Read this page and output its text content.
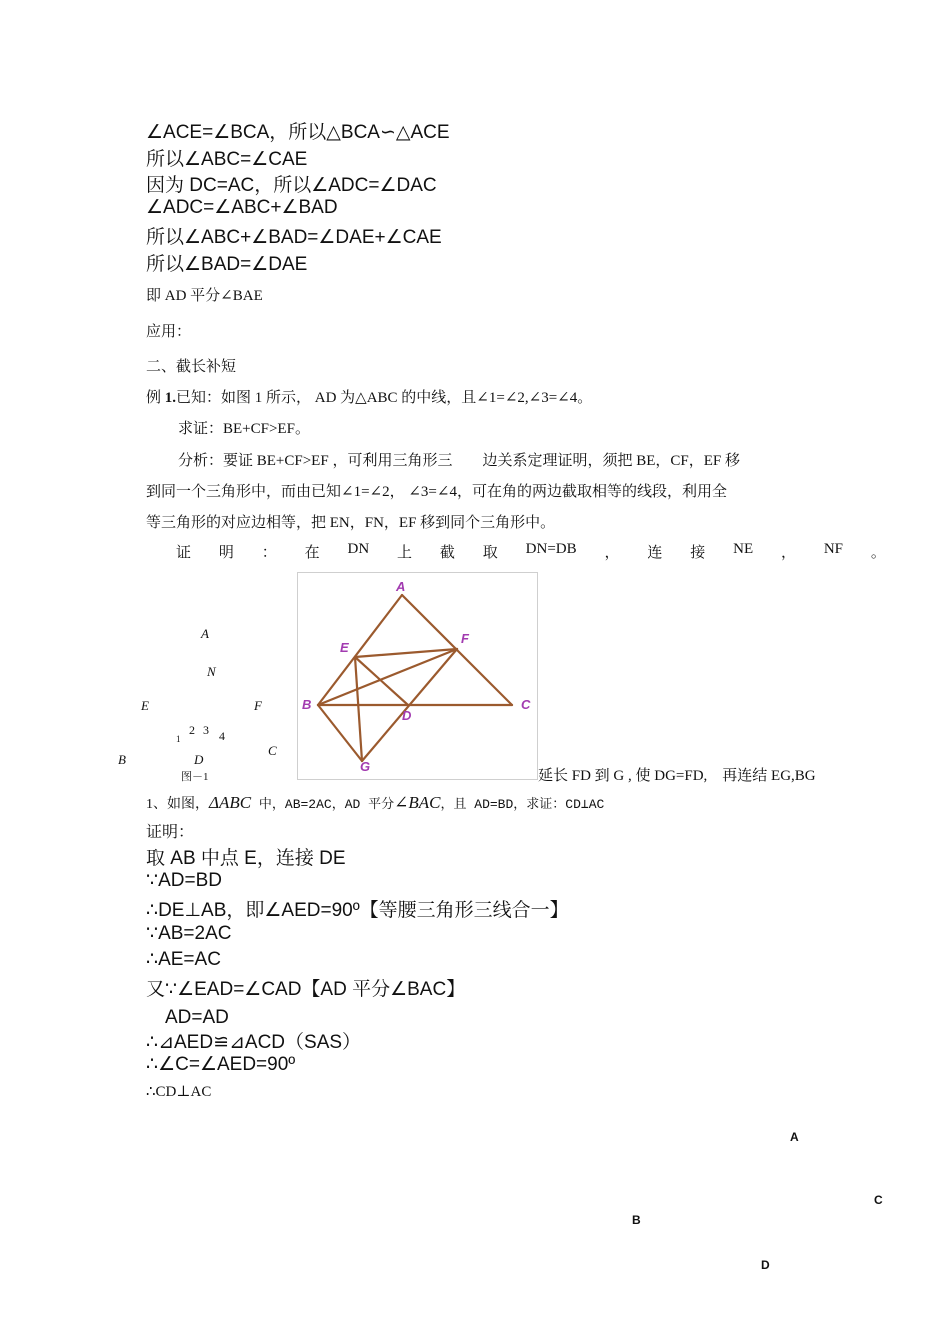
∠ACE=∠BCA，所以△BCA∽△ACE
所以∠ABC=∠CAE
因为 DC=AC，所以∠ADC=∠DAC
∠ADC=∠ABC+∠BAD
所以∠ABC+∠BAD=∠DAE+∠CAE
所以∠BAD=∠DAE
即 AD 平分∠BAE
应用：
二、截长补短
例 1.已知：如图 1 所示， AD 为△ABC 的中线，且∠1=∠2,∠3=∠4。
求证：BE+CF>EF。
分析：要证 BE+CF>EF ，可利用三角形三　　边关系定理证明，须把 BE，CF，EF 移
到同一个三角形中，而由已知∠1=∠2， ∠3=∠4，可在角的两边截取相等的线段，利用全
等三角形的对应边相等，把 EN，FN，EF 移到同个三角形中。
证 明 ： 在 DN 上 截 取 DN=DB ， 连 接 NE ， NF 。
A
N
E	F
1
2 3 4
C
B	D
图－1
A
E
F
B
D
C
G
延长 FD 到 G , 使 DG=FD,　再连结 EG,BG
1、如图，ΔABC 中，AB=2AC，AD 平分∠BAC，且 AD=BD，求证：CD⊥AC
证明：
取 AB 中点 E，连接 DE
∵AD=BD
∴DE⊥AB，即∠AED=90º【等腰三角形三线合一】
∵AB=2AC
∴AE=AC
又∵∠EAD=∠CAD【AD 平分∠BAC】
　AD=AD
∴⊿AED≌⊿ACD（SAS）
∴∠C=∠AED=90º
∴CD⊥AC
A
C
B
D
